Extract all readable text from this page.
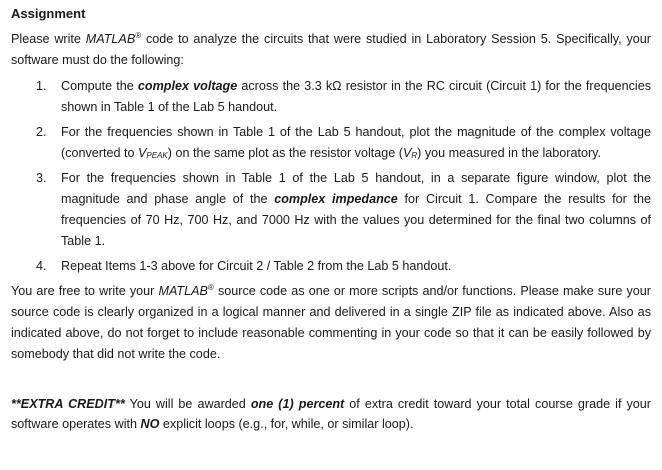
Assignment

Please write MATLAB® code to analyze the circuits that were studied in Laboratory Session 5. Specifically, your software must do the following:

1. Compute the complex voltage across the 3.3 kΩ resistor in the RC circuit (Circuit 1) for the frequencies shown in Table 1 of the Lab 5 handout.
2. For the frequencies shown in Table 1 of the Lab 5 handout, plot the magnitude of the complex voltage (converted to $V_{PEAK}$) on the same plot as the resistor voltage $(V_R)$ you measured in the laboratory.
3. For the frequencies shown in Table 1 of the Lab 5 handout, in a separate figure window, plot the magnitude and phase angle of the complex impedance for Circuit 1. Compare the results for the frequencies of 70 Hz, 700 Hz, and 7000 Hz with the values you determined for the final two columns of Table 1.
4. Repeat Items 1-3 above for Circuit 2 / Table 2 from the Lab 5 handout.

You are free to write your MATLAB® source code as one or more scripts and/or functions. Please make sure your source code is clearly organized in a logical manner and delivered in a single ZIP file as indicated above. Also as indicated above, do not forget to include reasonable commenting in your code so that it can be easily followed by somebody that did not write the code.

**EXTRA CREDIT** You will be awarded one (1) percent of extra credit toward your total course grade if your software operates with NO explicit loops (e.g., for, while, or similar loop).
